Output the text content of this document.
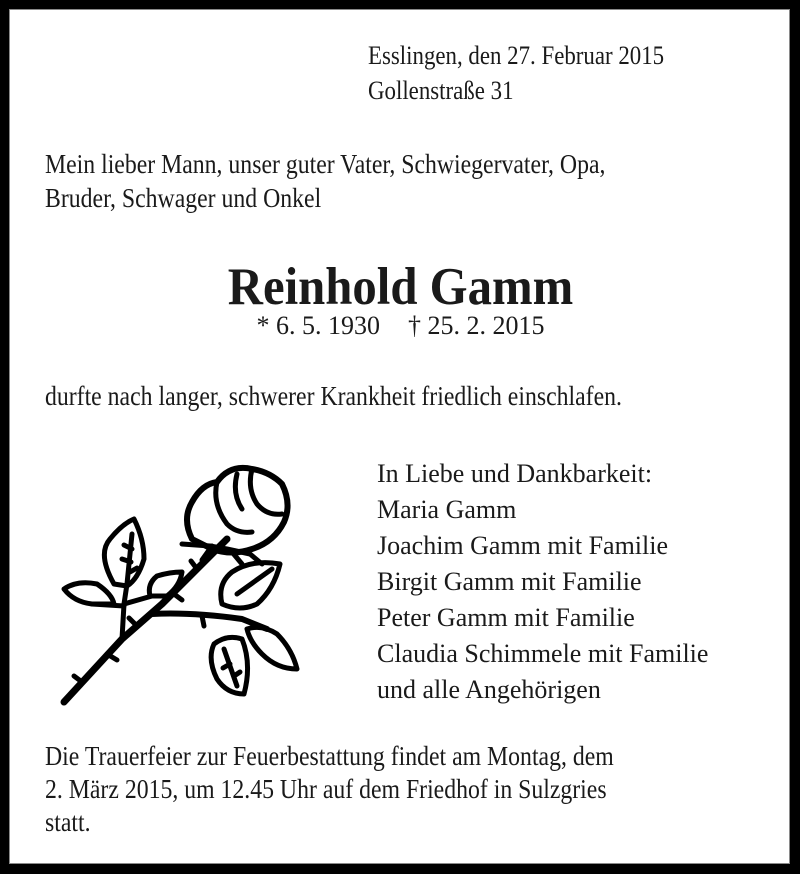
Esslingen, den 27. Februar 2015
Gollenstraße 31
Mein lieber Mann, unser guter Vater, Schwiegervater, Opa,
Bruder, Schwager und Onkel
Reinhold Gamm
* 6. 5. 1930 † 25. 2. 2015
durfte nach langer, schwerer Krankheit friedlich einschlafen.
In Liebe und Dankbarkeit:
Maria Gamm
Joachim Gamm mit Familie
Birgit Gamm mit Familie
Peter Gamm mit Familie
Claudia Schimmele mit Familie
und alle Angehörigen
Die Trauerfeier zur Feuerbestattung findet am Montag, dem
2. März 2015, um 12.45 Uhr auf dem Friedhof in Sulzgries
statt.
